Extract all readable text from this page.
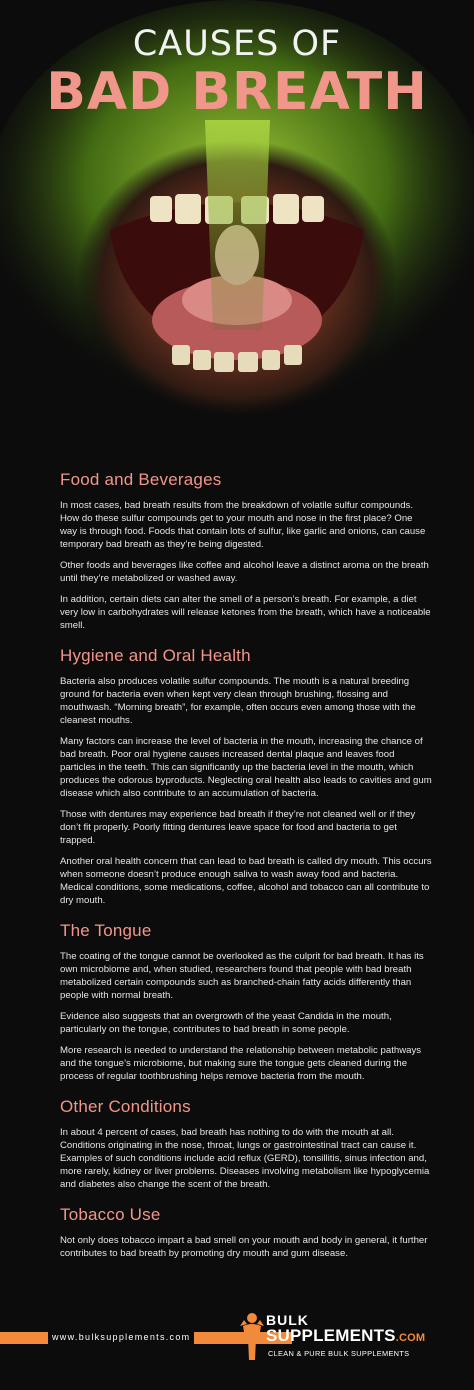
CAUSES OF
BAD BREATH
Food and Beverages

In most cases, bad breath results from the breakdown of volatile sulfur compounds. How do these sulfur compounds get to your mouth and nose in the first place? One way is through food. Foods that contain lots of sulfur, like garlic and onions, can cause temporary bad breath as they’re being digested.

Other foods and beverages like coffee and alcohol leave a distinct aroma on the breath until they’re metabolized or washed away.

In addition, certain diets can alter the smell of a person’s breath. For example, a diet very low in carbohydrates will release ketones from the breath, which have a noticeable smell.

Hygiene and Oral Health

Bacteria also produces volatile sulfur compounds. The mouth is a natural breeding ground for bacteria even when kept very clean through brushing, flossing and mouthwash. “Morning breath”, for example, often occurs even among those with the cleanest mouths.

Many factors can increase the level of bacteria in the mouth, increasing the chance of bad breath. Poor oral hygiene causes increased dental plaque and leaves food particles in the teeth. This can significantly up the bacteria level in the mouth, which produces the odorous byproducts. Neglecting oral health also leads to cavities and gum disease which also contribute to an accumulation of bacteria.

Those with dentures may experience bad breath if they’re not cleaned well or if they don’t fit properly. Poorly fitting dentures leave space for food and bacteria to get trapped.

Another oral health concern that can lead to bad breath is called dry mouth. This occurs when someone doesn’t produce enough saliva to wash away food and bacteria. Medical conditions, some medications, coffee, alcohol and tobacco can all contribute to dry mouth.

The Tongue

The coating of the tongue cannot be overlooked as the culprit for bad breath. It has its own microbiome and, when studied, researchers found that people with bad breath metabolized certain compounds such as branched-chain fatty acids differently than people with normal breath.

Evidence also suggests that an overgrowth of the yeast Candida in the mouth, particularly on the tongue, contributes to bad breath in some people.

More research is needed to understand the relationship between metabolic pathways and the tongue’s microbiome, but making sure the tongue gets cleaned during the process of regular toothbrushing helps remove bacteria from the mouth.

Other Conditions

In about 4 percent of cases, bad breath has nothing to do with the mouth at all. Conditions originating in the nose, throat, lungs or gastrointestinal tract can cause it. Examples of such conditions include acid reflux (GERD), tonsillitis, sinus infection and, more rarely, kidney or liver problems. Diseases involving metabolism like hypoglycemia and diabetes also change the scent of the breath.

Tobacco Use

Not only does tobacco impart a bad smell on your mouth and body in general, it further contributes to bad breath by promoting dry mouth and gum disease.

www.bulksupplements.com
BULK
SUPPLEMENTS.COM
CLEAN & PURE BULK SUPPLEMENTS
